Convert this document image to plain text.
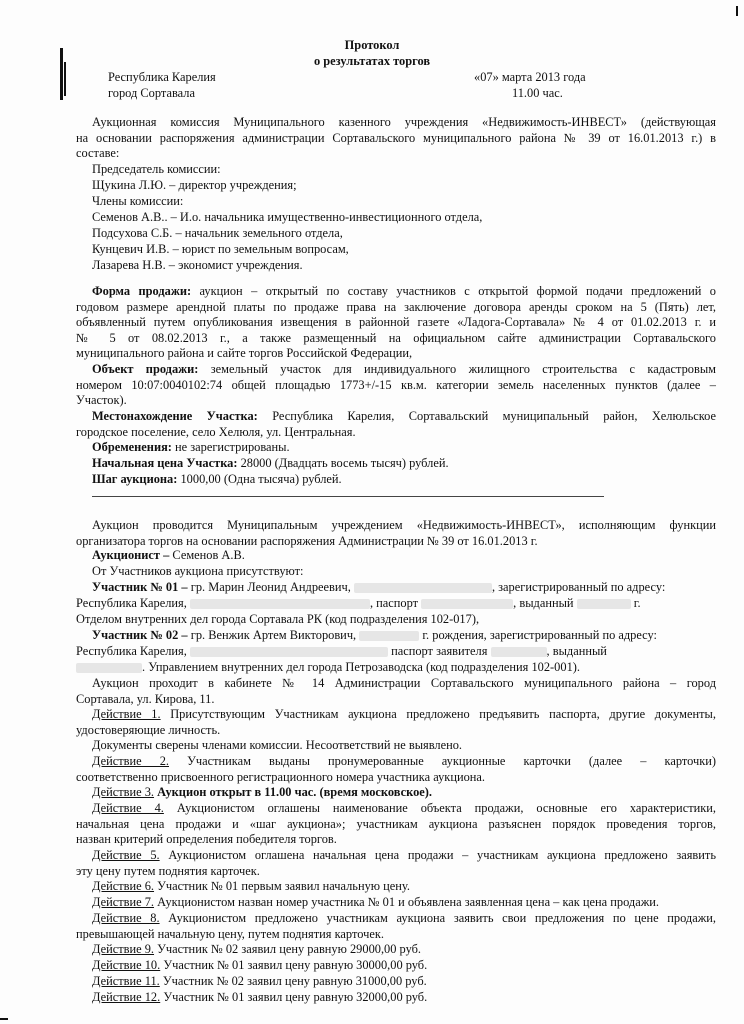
Протокол
о результатах торгов
Республика Карелия	«07» марта 2013 года
город Сортавала	11.00 час.
Аукционная комиссия Муниципального казенного учреждения «Недвижимость-ИНВЕСТ» (действующая
на основании распоряжения администрации Сортавальского муниципального района № 39 от 16.01.2013 г.) в
составе:
Председатель комиссии:
Щукина Л.Ю. – директор учреждения;
Члены комиссии:
Семенов А.В.. – И.о. начальника имущественно-инвестиционного отдела,
Подсухова С.Б. – начальник земельного отдела,
Кунцевич И.В. – юрист по земельным вопросам,
Лазарева Н.В. – экономист учреждения.
Форма продажи: аукцион – открытый по составу участников с открытой формой подачи предложений о
годовом размере арендной платы по продаже права на заключение договора аренды сроком на 5 (Пять) лет,
объявленный путем опубликования извещения в районной газете «Ладога-Сортавала» № 4 от 01.02.2013 г. и
№ 5 от 08.02.2013 г., а также размещенный на официальном сайте администрации Сортавальского
муниципального района и сайте торгов Российской Федерации,
Объект продажи: земельный участок для индивидуального жилищного строительства с кадастровым
номером 10:07:0040102:74 общей площадью 1773+/-15 кв.м. категории земель населенных пунктов (далее –
Участок).
Местонахождение Участка: Республика Карелия, Сортавальский муниципальный район, Хелюльское
городское поселение, село Хелюля, ул. Центральная.
Обременения: не зарегистрированы.
Начальная цена Участка: 28000 (Двадцать восемь тысяч) рублей.
Шаг аукциона: 1000,00 (Одна тысяча) рублей.
Аукцион проводится Муниципальным учреждением «Недвижимость-ИНВЕСТ», исполняющим функции
организатора торгов на основании распоряжения Администрации № 39 от 16.01.2013 г.
Аукционист – Семенов А.В.
От Участников аукциона присутствуют:
Участник № 01 – гр. Марин Леонид Андреевич,	, зарегистрированный по адресу:
Республика Карелия,	, паспорт	, выданный	г.
Отделом внутренних дел города Сортавала РК (код подразделения 102-017),
Участник № 02 – гр. Венжик Артем Викторович,	г. рождения, зарегистрированный по адресу:
Республика Карелия,	паспорт заявителя	, выданный
. Управлением внутренних дел города Петрозаводска (код подразделения 102-001).
Аукцион проходит в кабинете № 14 Администрации Сортавальского муниципального района – город
Сортавала, ул. Кирова, 11.
Действие 1. Присутствующим Участникам аукциона предложено предъявить паспорта, другие документы,
удостоверяющие личность.
Документы сверены членами комиссии. Несоответствий не выявлено.
Действие 2. Участникам выданы пронумерованные аукционные карточки (далее – карточки)
соответственно присвоенного регистрационного номера участника аукциона.
Действие 3. Аукцион открыт в 11.00 час. (время московское).
Действие 4. Аукционистом оглашены наименование объекта продажи, основные его характеристики,
начальная цена продажи и «шаг аукциона»; участникам аукциона разъяснен порядок проведения торгов,
назван критерий определения победителя торгов.
Действие 5. Аукционистом оглашена начальная цена продажи – участникам аукциона предложено заявить
эту цену путем поднятия карточек.
Действие 6. Участник № 01 первым заявил начальную цену.
Действие 7. Аукционистом назван номер участника № 01 и объявлена заявленная цена – как цена продажи.
Действие 8. Аукционистом предложено участникам аукциона заявить свои предложения по цене продажи,
превышающей начальную цену, путем поднятия карточек.
Действие 9. Участник № 02 заявил цену равную 29000,00 руб.
Действие 10. Участник № 01 заявил цену равную 30000,00 руб.
Действие 11. Участник № 02 заявил цену равную 31000,00 руб.
Действие 12. Участник № 01 заявил цену равную 32000,00 руб.
